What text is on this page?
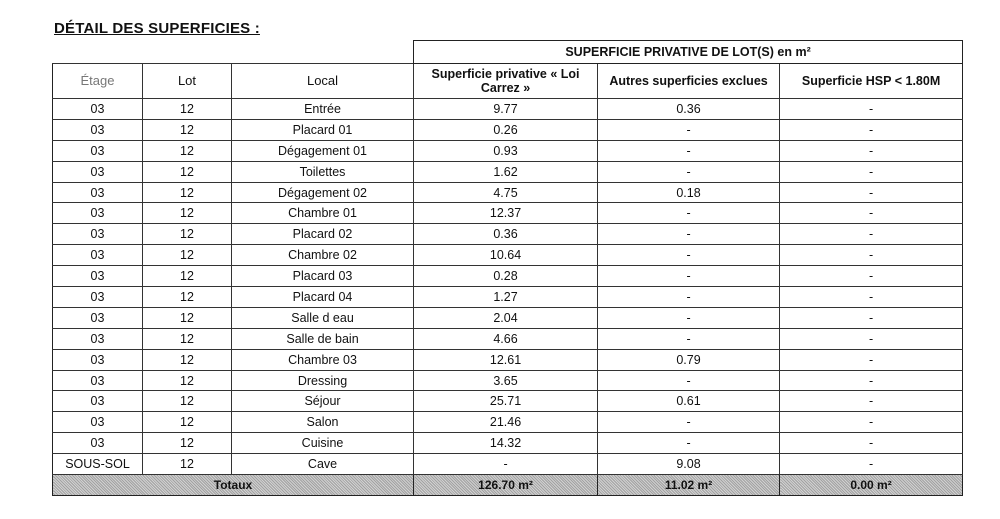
DÉTAIL DES SUPERFICIES :
			SUPERFICIE PRIVATIVE DE LOT(S) en m²		
Étage	Lot	Local	Superficie privative « Loi Carrez »	Autres superficies exclues	Superficie HSP < 1.80M
03	12	Entrée	9.77	0.36	-
03	12	Placard 01	0.26	-	-
03	12	Dégagement 01	0.93	-	-
03	12	Toilettes	1.62	-	-
03	12	Dégagement 02	4.75	0.18	-
03	12	Chambre 01	12.37	-	-
03	12	Placard 02	0.36	-	-
03	12	Chambre 02	10.64	-	-
03	12	Placard 03	0.28	-	-
03	12	Placard 04	1.27	-	-
03	12	Salle d eau	2.04	-	-
03	12	Salle de bain	4.66	-	-
03	12	Chambre 03	12.61	0.79	-
03	12	Dressing	3.65	-	-
03	12	Séjour	25.71	0.61	-
03	12	Salon	21.46	-	-
03	12	Cuisine	14.32	-	-
SOUS-SOL	12	Cave	-	9.08	-
Totaux			126.70 m²	11.02 m²	0.00 m²
